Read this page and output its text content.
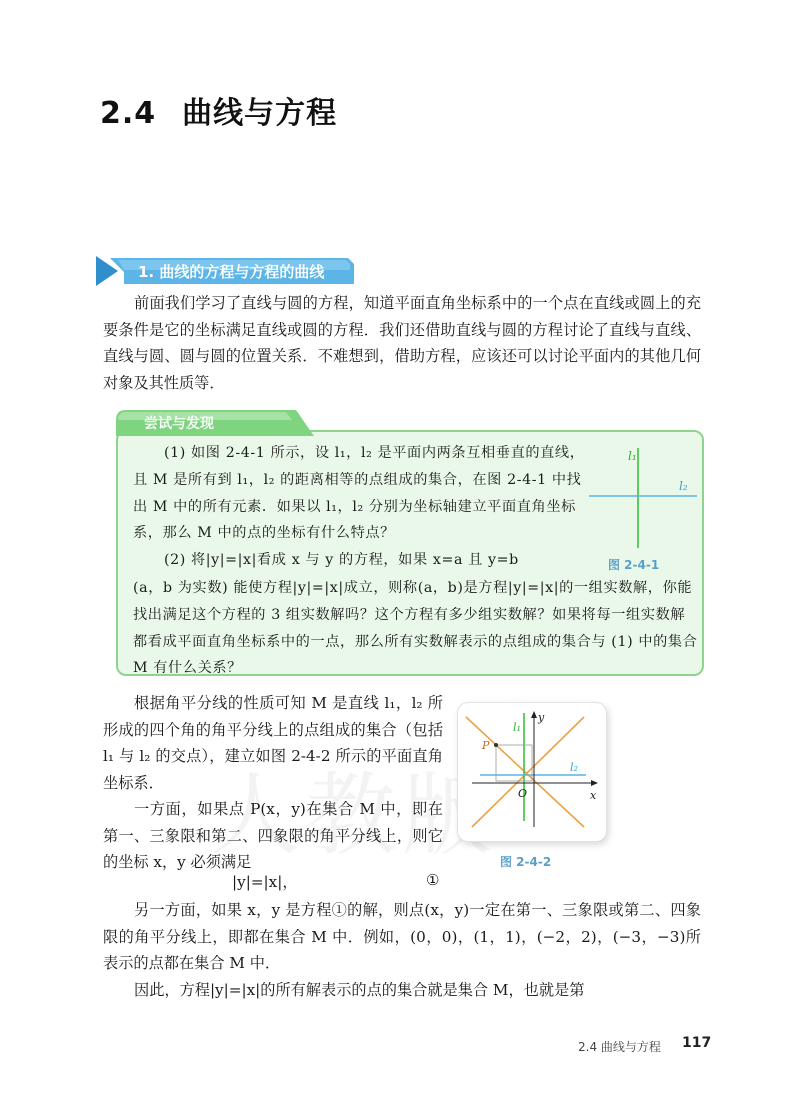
2.4 曲线与方程
1. 曲线的方程与方程的曲线

前面我们学习了直线与圆的方程，知道平面直角坐标系中的一个点在直线或圆上的充要条件是它的坐标满足直线或圆的方程．我们还借助直线与圆的方程讨论了直线与直线、直线与圆、圆与圆的位置关系．不难想到，借助方程，应该还可以讨论平面内的其他几何对象及其性质等．

尝试与发现

(1) 如图 2-4-1 所示，设 l₁，l₂ 是平面内两条互相垂直的直线，且 M 是所有到 l₁，l₂ 的距离相等的点组成的集合，在图 2-4-1 中找出 M 中的所有元素．如果以 l₁，l₂ 分别为坐标轴建立平面直角坐标系，那么 M 中的点的坐标有什么特点？

(2) 将|y|=|x|看成 x 与 y 的方程，如果 x=a 且 y=b

(a，b 为实数) 能使方程|y|=|x|成立，则称(a，b)是方程|y|=|x|的一组实数解，你能找出满足这个方程的 3 组实数解吗？这个方程有多少组实数解？如果将每一组实数解都看成平面直角坐标系中的一点，那么所有实数解表示的点组成的集合与 (1) 中的集合 M 有什么关系？

l₁
l₂
图 2-4-1

根据角平分线的性质可知 M 是直线 l₁，l₂ 所形成的四个角的角平分线上的点组成的集合（包括 l₁ 与 l₂ 的交点），建立如图 2-4-2 所示的平面直角坐标系．

一方面，如果点 P(x，y)在集合 M 中，即在第一、三象限和第二、四象限的角平分线上，则它的坐标 x，y 必须满足

|y|=|x|，	①
y
x
O
l₁
l₂
P
图 2-4-2

另一方面，如果 x，y 是方程①的解，则点(x，y)一定在第一、三象限或第二、四象限的角平分线上，即都在集合 M 中．例如，(0，0)，(1，1)，(−2，2)，(−3，−3)所表示的点都在集合 M 中．

因此，方程|y|=|x|的所有解表示的点的集合就是集合 M，也就是第

2.4 曲线与方程 117
